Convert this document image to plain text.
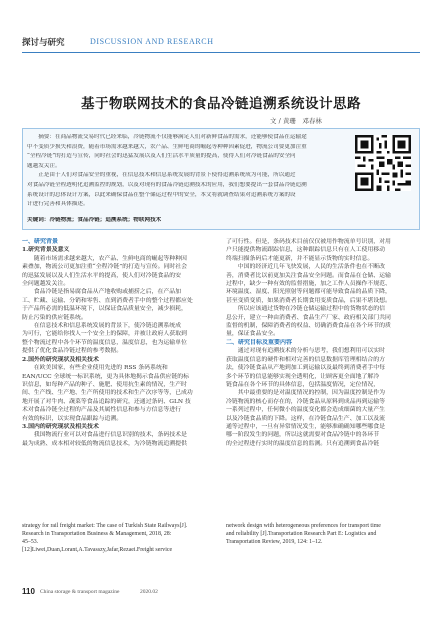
探讨与研究	DISCUSSION AND RESEARCH
基于物联网技术的食品冷链追溯系统设计思路
文 / 黄珊　邓春林
　　摘要：在商品物流交易时代已经来临，冷链物流不仅能够满足人们对新鲜食品的需求，还能够使食品在运输途
中不变质少损失和浪费，随着市场需求越来越大，农产品、生鲜电商的崛起等种种因素促进，物流公司要更加注重
“全程冷链”的打造与宣传，同时社会的迅猛发展以及人们生活水平质量的提高，使得人们对冷链食品的安全问
题越发关注。
　　正是由于人们对食品安全的重视，在信息技术和信息系统发展的背景下使得追溯系统成为可能，所以通过
对食品冷链全程透明化追溯监控的规划，以及对现有的食品冷链追溯技术的应用，我们想要提出一套食品冷链追溯
系统设计的总体设计方案，以此来确保食品在整个储运过程中的安全，本文将就调查结果对追溯系统方案的设
计进行完善和具体描述。
关键词：冷链物流；食品冷链；追溯系统；物联网技术

一、研究背景

1.研究背景及意义

　　随着市场需求越来越大，农产品、生鲜电商的崛起等种种因

素叠加，物流公司更加注重“全程冷链”的打造与宣传。同时社会

的迅猛发展以及人们生活水平的提高，使人们对冷链食品的安

全问题越发关注。

　　食品冷链是指易腐食品从产地收购或捕捞之后，在产品加

工、贮藏、运输、分销和零售、直到消费者手中的整个过程都应处

于产品所必需的低温环境下，以保证食品质量安全，减少损耗，

防止污染的供应链系统。

　　在信息技术和信息系统发展的背景下，使冷链追溯系统成

为可行，它能给你找人一个安全上的保障，并被让政府人获取到

整个物流过程中各个环节的温度信息，温度信息，也为运输单位

提供了优化食品冷链过程的参考数据。

2.国外的研究现状及相关技术

　　在欧美国家，有些企业使用先进的 RSS 条码系统和

EAN/UCC 全球统一标识系统，更为具体地揭示食品供应链的标

识信息，如每种产品的种子、施肥、使用抗生素的情况，生产时

间、生产线、生产地、生产所使用的技术和生产次序等等，已成功

地开展了对牛肉、蔬菜等食品追踪的研究，还通过条码、GLN 技

术对食品冷链全过程的产品及其属性信息和参与方信息等进行

有效的标识，以实现食品跟踪与追溯。

3.国内的研究现状及相关技术

　　我国物流行业可以对食品进行信息识别的技术，条码技术是

最为成熟、成本相对较低的物流信息技术，为冷链物流追溯提供

了可行性。但是，条码技术目前仅仅被用作物流单号识别，对用

户只能提供物流跟踪信息，这种跟踪信息只有在人工使用移动

终端扫描条码后才能更新，并不能显示货物的实时信息。

　　中国的经济近几年飞快发展，人民的生活条件也在不断改

善，消费者比以前更加关注食品安全问题。而食品在仓储、运输

过程中，缺少一种有效的监督措施，加之工作人员操作不规范、

环境温度、湿度、阳光照射等问题都可能导致食品的品质下降，

甚至变质变质，如果消费者长期食用变质食品，后果不堪设想。

　　所以应该通过货物在冷链仓储运输过程中的货物状态的信

息公开，建立一种由消费者、食品生产厂家、政府相关部门共同

监督的机制，保障消费者的权益、切确消费食品在各个环节的质

量，保证食品安全。

二、研究目标及重要内容

　　通过对现有追溯技术的分析与思考，我们想利用可以实时

获取温度信息的硬件和相对完善的信息数据库管理相结合的方

法，使冷链食品从产地到加工到运输以及最终到消费者手中每

多个环节的信息能够实现全透明化，让顾客更全面地了解冷

链食品在各个环节的具体信息，包括温度情况，定位情况，

　　其中最重要的是对温度情况的控制，因为温度控制是作为

冷链物流的核心而存在的，冷链食品从原料到成品再到运输等

一系列过程中，任何微小的温度变化都会造成细菌的大量产生

以及冷链食品质的下降。这样，在冷链食品生产、加工以及流

通等过程中，一旦有异常情况发生，能够准确确知哪些哪食是

哪一阶段发生的问题，所以这就需要对食品冷链中的各环节

的全过程进行实时的温度信息的监测。只有追溯到食品冷链

strategy for rail freight market: The case of Turkish State Railways[J].

Research in Transportation Business & Management, 2018, 28:

45–53.

[12]Li​wei,Duan,Lorant,A.Tavasszy,Jafar,Rezaei.Freight service

network design with heterogeneous preferences for transport time

and reliability [J].Transportation Research Part E: Logistics and

Transportation Review, 2019, 124: 1–12.

110 China storage & transport magazine	2020.02
